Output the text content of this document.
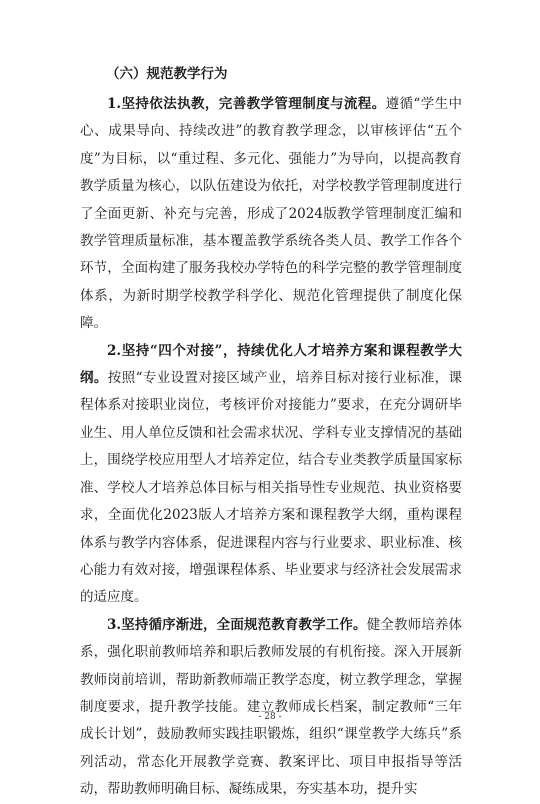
（六）规范教学行为

1.坚持依法执教，完善教学管理制度与流程。遵循“学生中心、成果导向、持续改进”的教育教学理念，以审核评估“五个度”为目标，以“重过程、多元化、强能力”为导向，以提高教育教学质量为核心，以队伍建设为依托，对学校教学管理制度进行了全面更新、补充与完善，形成了2024版教学管理制度汇编和教学管理质量标准，基本覆盖教学系统各类人员、教学工作各个环节，全面构建了服务我校办学特色的科学完整的教学管理制度体系，为新时期学校教学科学化、规范化管理提供了制度化保障。

2.坚持“四个对接”，持续优化人才培养方案和课程教学大纲。按照“专业设置对接区域产业，培养目标对接行业标准，课程体系对接职业岗位，考核评价对接能力”要求，在充分调研毕业生、用人单位反馈和社会需求状况、学科专业支撑情况的基础上，围绕学校应用型人才培养定位，结合专业类教学质量国家标准、学校人才培养总体目标与相关指导性专业规范、执业资格要求，全面优化2023版人才培养方案和课程教学大纲，重构课程体系与教学内容体系，促进课程内容与行业要求、职业标准、核心能力有效对接，增强课程体系、毕业要求与经济社会发展需求的适应度。

3.坚持循序渐进，全面规范教育教学工作。健全教师培养体系，强化职前教师培养和职后教师发展的有机衔接。深入开展新教师岗前培训，帮助新教师端正教学态度，树立教学理念，掌握制度要求，提升教学技能。建立教师成长档案，制定教师“三年成长计划”，鼓励教师实践挂职锻炼，组织“课堂教学大练兵”系列活动，常态化开展教学竞赛、教案评比、项目申报指导等活动，帮助教师明确目标、凝练成果，夯实基本功，提升实

- 28 -
